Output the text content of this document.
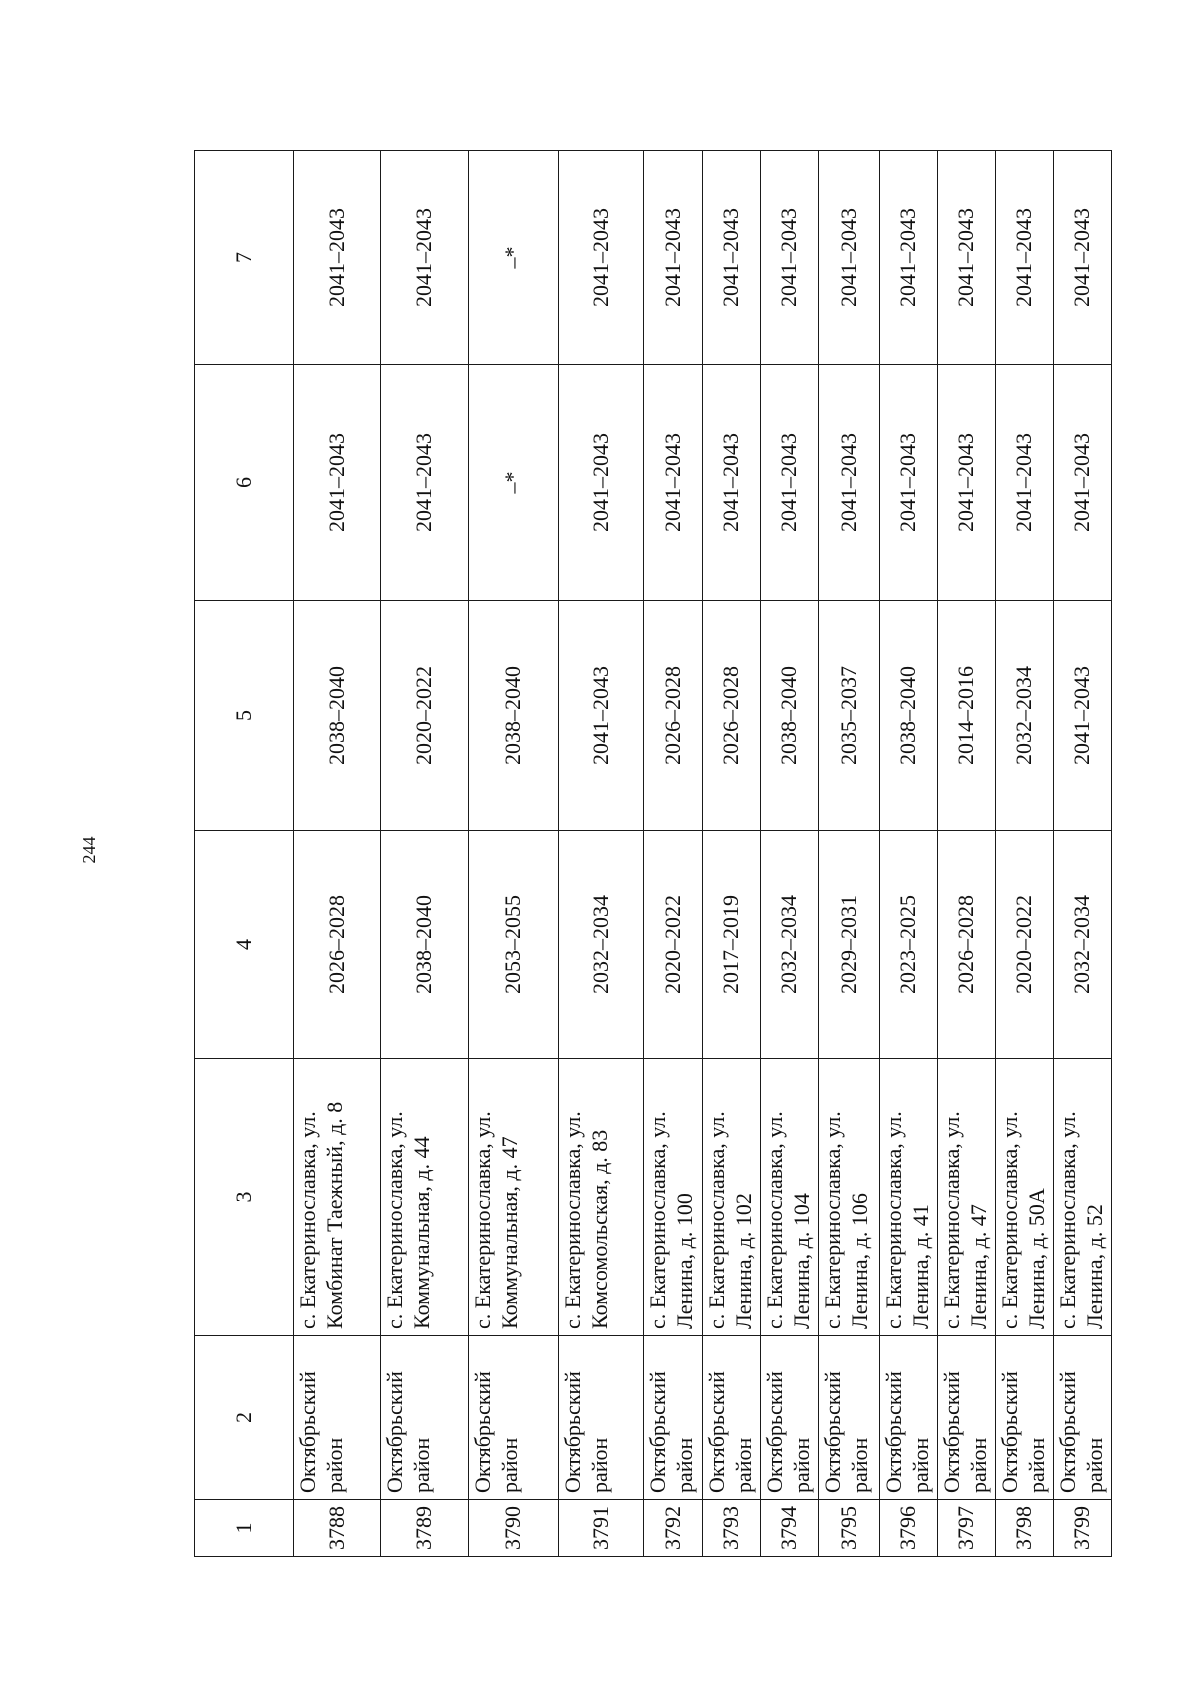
244
1	2	3	4	5	6	7
3788	Октябрьский район	с. Екатеринославка, ул. Комбинат Таежный, д. 8	2026–2028	2038–2040	2041–2043	2041–2043
3789	Октябрьский район	с. Екатеринославка, ул. Коммунальная, д. 44	2038–2040	2020–2022	2041–2043	2041–2043
3790	Октябрьский район	с. Екатеринославка, ул. Коммунальная, д. 47	2053–2055	2038–2040	–*	–*
3791	Октябрьский район	с. Екатеринославка, ул. Комсомольская, д. 83	2032–2034	2041–2043	2041–2043	2041–2043
3792	Октябрьский район	с. Екатеринославка, ул. Ленина, д. 100	2020–2022	2026–2028	2041–2043	2041–2043
3793	Октябрьский район	с. Екатеринославка, ул. Ленина, д. 102	2017–2019	2026–2028	2041–2043	2041–2043
3794	Октябрьский район	с. Екатеринославка, ул. Ленина, д. 104	2032–2034	2038–2040	2041–2043	2041–2043
3795	Октябрьский район	с. Екатеринославка, ул. Ленина, д. 106	2029–2031	2035–2037	2041–2043	2041–2043
3796	Октябрьский район	с. Екатеринославка, ул. Ленина, д. 41	2023–2025	2038–2040	2041–2043	2041–2043
3797	Октябрьский район	с. Екатеринославка, ул. Ленина, д. 47	2026–2028	2014–2016	2041–2043	2041–2043
3798	Октябрьский район	с. Екатеринославка, ул. Ленина, д. 50А	2020–2022	2032–2034	2041–2043	2041–2043
3799	Октябрьский район	с. Екатеринославка, ул. Ленина, д. 52	2032–2034	2041–2043	2041–2043	2041–2043
